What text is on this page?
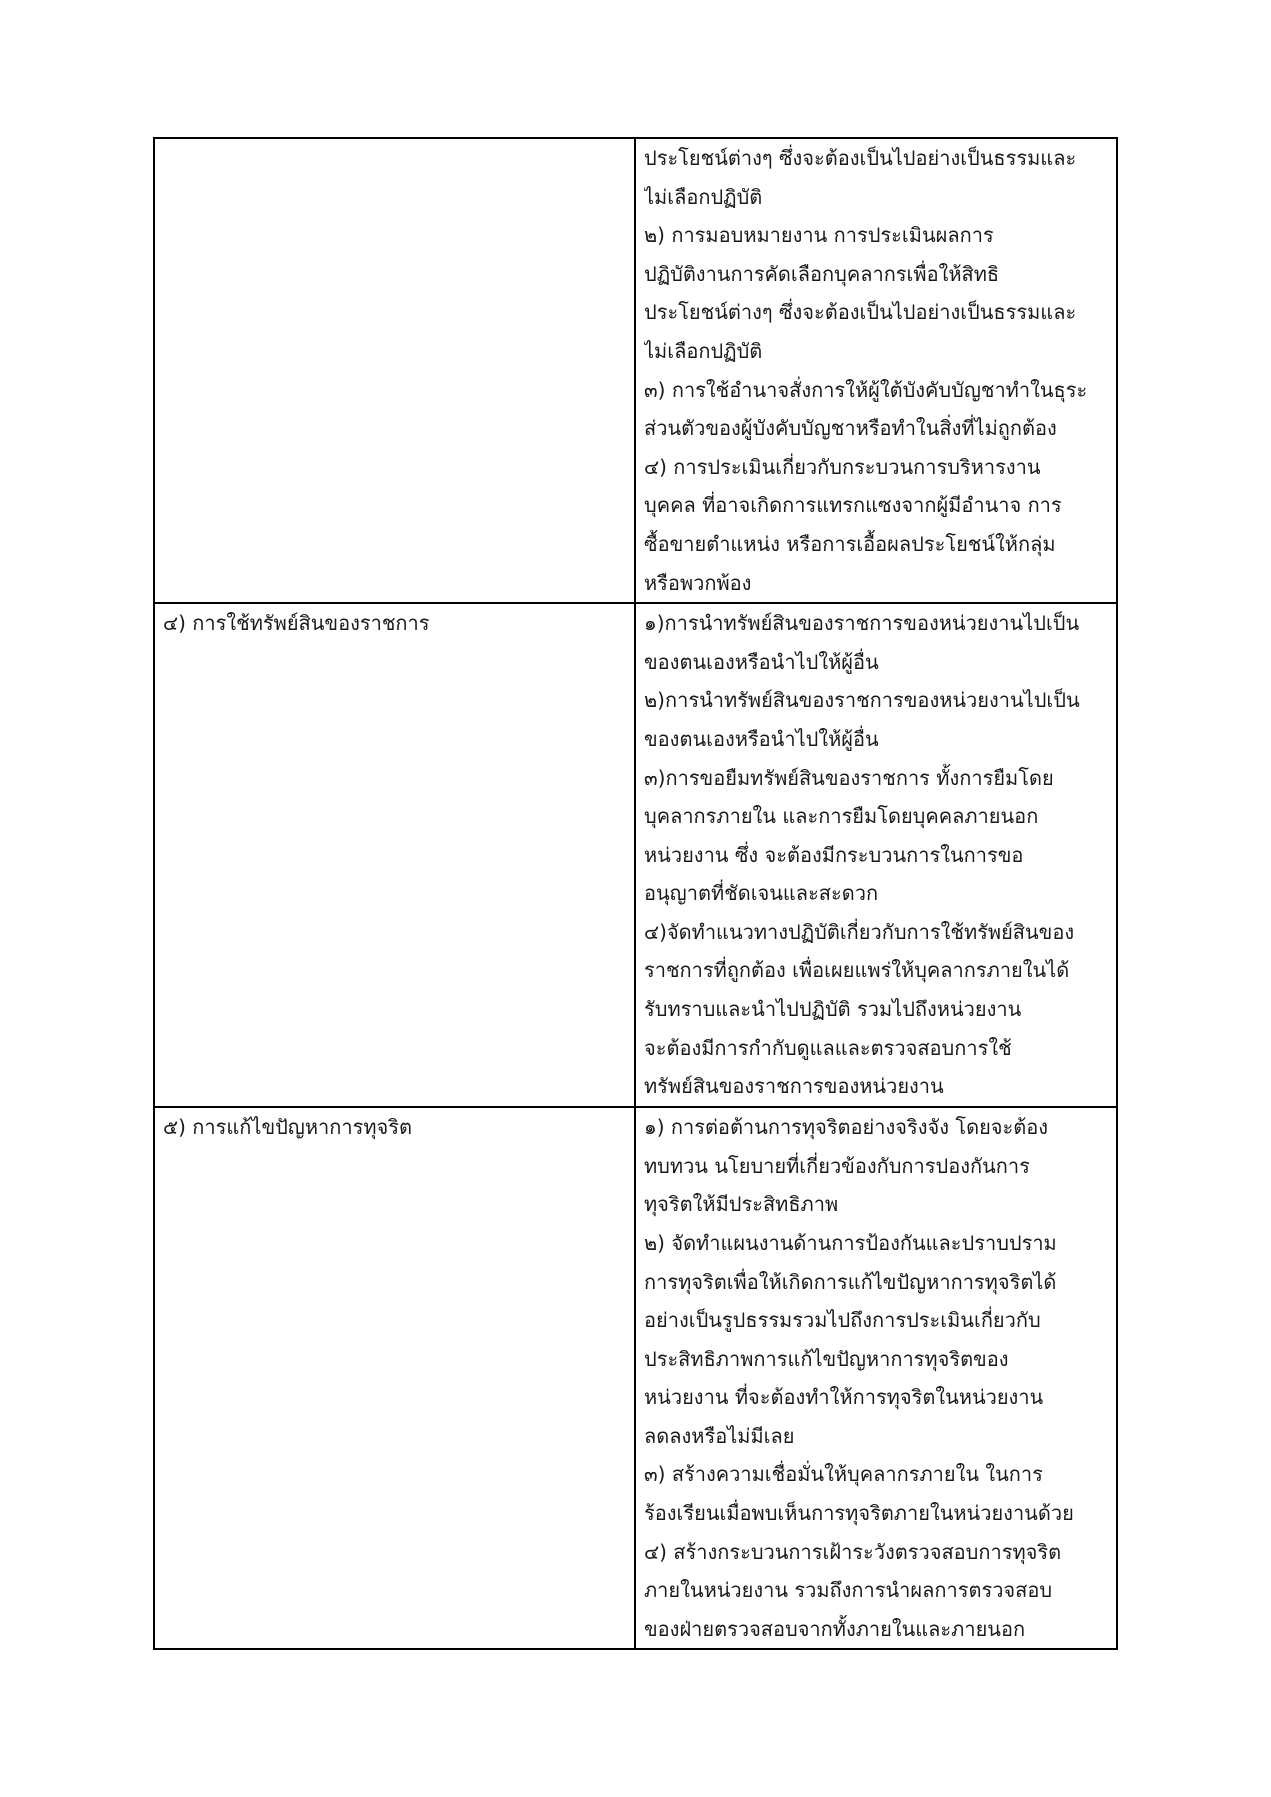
ประโยชน์ต่างๆ ซึ่งจะต้องเป็นไปอย่างเป็นธรรมและ
ไม่เลือกปฏิบัติ
๒) การมอบหมายงาน การประเมินผลการ
ปฏิบัติงานการคัดเลือกบุคลากรเพื่อให้สิทธิ
ประโยชน์ต่างๆ ซึ่งจะต้องเป็นไปอย่างเป็นธรรมและ
ไม่เลือกปฏิบัติ
๓) การใช้อำนาจสั่งการให้ผู้ใต้บังคับบัญชาทำในธุระ
ส่วนตัวของผู้บังคับบัญชาหรือทำในสิ่งที่ไม่ถูกต้อง
๔) การประเมินเกี่ยวกับกระบวนการบริหารงาน
บุคคล ที่อาจเกิดการแทรกแซงจากผู้มีอำนาจ การ
ซื้อขายตำแหน่ง หรือการเอื้อผลประโยชน์ให้กลุ่ม
หรือพวกพ้อง

๔) การใช้ทรัพย์สินของราชการ	๑)การนำทรัพย์สินของราชการของหน่วยงานไปเป็น
ของตนเองหรือนำไปให้ผู้อื่น
๒)การนำทรัพย์สินของราชการของหน่วยงานไปเป็น
ของตนเองหรือนำไปให้ผู้อื่น
๓)การขอยืมทรัพย์สินของราชการ ทั้งการยืมโดย
บุคลากรภายใน และการยืมโดยบุคคลภายนอก
หน่วยงาน ซึ่ง จะต้องมีกระบวนการในการขอ
อนุญาตที่ชัดเจนและสะดวก
๔)จัดทำแนวทางปฏิบัติเกี่ยวกับการใช้ทรัพย์สินของ
ราชการที่ถูกต้อง เพื่อเผยแพร่ให้บุคลากรภายในได้
รับทราบและนำไปปฏิบัติ รวมไปถึงหน่วยงาน
จะต้องมีการกำกับดูแลและตรวจสอบการใช้
ทรัพย์สินของราชการของหน่วยงาน

๕) การแก้ไขปัญหาการทุจริต	๑) การต่อต้านการทุจริตอย่างจริงจัง โดยจะต้อง
ทบทวน นโยบายที่เกี่ยวข้องกับการปองกันการ
ทุจริตให้มีประสิทธิภาพ
๒) จัดทำแผนงานด้านการป้องกันและปราบปราม
การทุจริตเพื่อให้เกิดการแก้ไขปัญหาการทุจริตได้
อย่างเป็นรูปธรรมรวมไปถึงการประเมินเกี่ยวกับ
ประสิทธิภาพการแก้ไขปัญหาการทุจริตของ
หน่วยงาน ที่จะต้องทำให้การทุจริตในหน่วยงาน
ลดลงหรือไม่มีเลย
๓) สร้างความเชื่อมั่นให้บุคลากรภายใน ในการ
ร้องเรียนเมื่อพบเห็นการทุจริตภายในหน่วยงานด้วย
๔) สร้างกระบวนการเฝ้าระวังตรวจสอบการทุจริต
ภายในหน่วยงาน รวมถึงการนำผลการตรวจสอบ
ของฝ่ายตรวจสอบจากทั้งภายในและภายนอก
